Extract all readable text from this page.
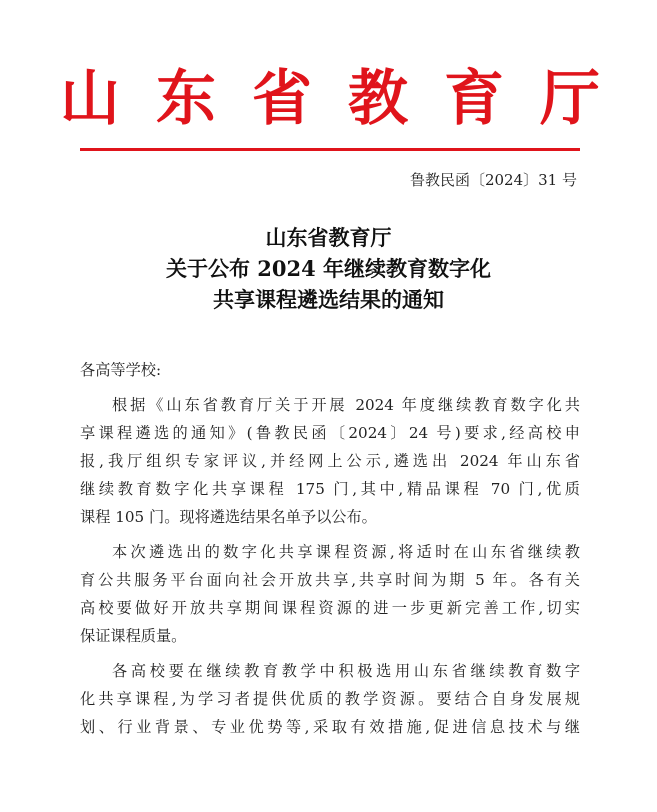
山 东 省 教 育 厅
鲁教民函〔2024〕31 号
山东省教育厅
关于公布 2024 年继续教育数字化
共享课程遴选结果的通知
各高等学校:
根据《山东省教育厅关于开展 2024 年度继续教育数字化共
享课程遴选的通知》(鲁教民函〔2024〕24 号)要求,经高校申
报,我厅组织专家评议,并经网上公示,遴选出 2024 年山东省
继续教育数字化共享课程 175 门,其中,精品课程 70 门,优质
课程 105 门。现将遴选结果名单予以公布。
本次遴选出的数字化共享课程资源,将适时在山东省继续教
育公共服务平台面向社会开放共享,共享时间为期 5 年。各有关
高校要做好开放共享期间课程资源的进一步更新完善工作,切实
保证课程质量。
各高校要在继续教育教学中积极选用山东省继续教育数字
化共享课程,为学习者提供优质的教学资源。要结合自身发展规
划、行业背景、专业优势等,采取有效措施,促进信息技术与继
